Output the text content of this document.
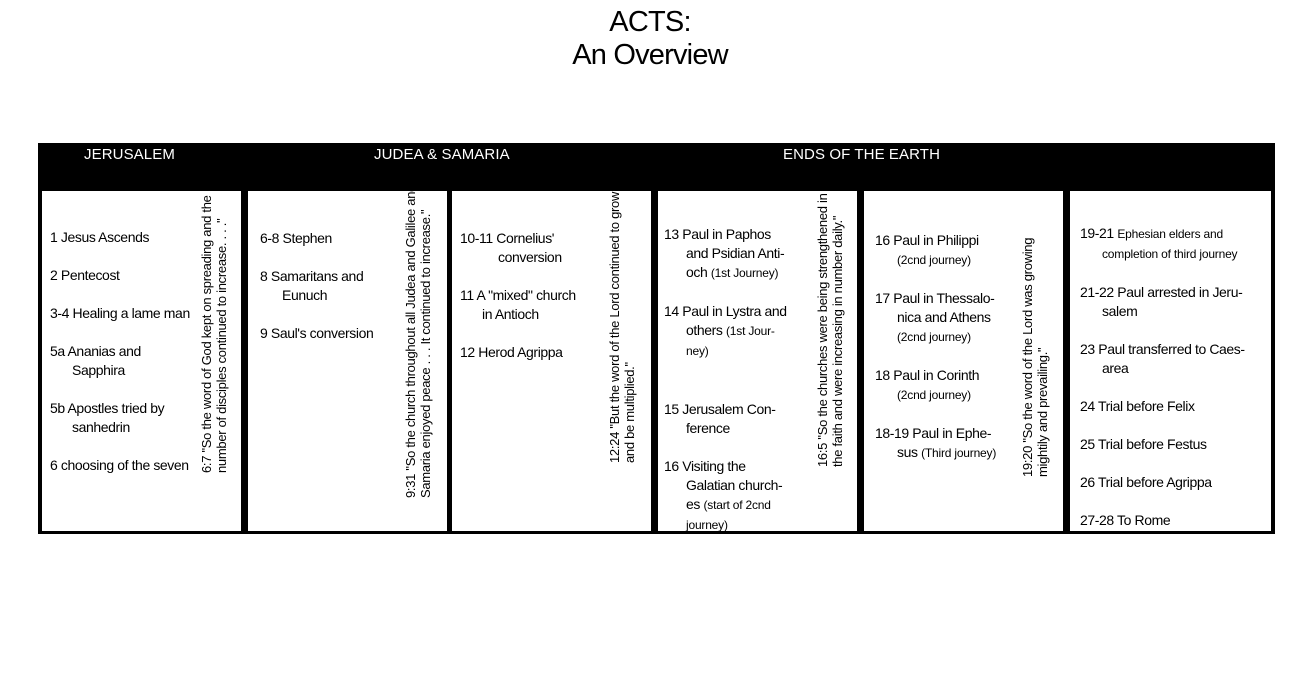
ACTS:
An Overview
JERUSALEM	JUDEA & SAMARIA	ENDS OF THE EARTH
1 Jesus Ascends
2 Pentecost
3-4 Healing a lame man
5a Ananias and Sapphira
5b Apostles tried by sanhedrin
6 choosing of the seven 6:7 "So the word of God kept on spreading and the number of disciples continued to increase. . . ." 6-8 Stephen
8 Samaritans and Eunuch
9 Saul's conversion	9:31 "So the church throughout all Judea and Galilee and Samaria enjoyed peace . . . It continued to increase." 10-11 Cornelius' conversion
11 A "mixed" church in Antioch
12 Herod Agrippa	12:24 "But the word of the Lord continued to grow and be multiplied."
13 Paul in Paphos and Psidian Anti-och (1st Journey)
14 Paul in Lystra and others (1st Jour-ney)
15 Jerusalem Con-ference
16 Visiting the Galatian church-es (start of 2cnd journey)
16:5 "So the churches were being strengthened in the faith and were increasing in number daily." 16 Paul in Philippi (2cnd journey)
17 Paul in Thessalo-nica and Athens (2cnd journey)
18 Paul in Corinth (2cnd journey)
18-19 Paul in Ephe-sus (Third journey)	19:20 "So the word of the Lord was growing mightily and prevailing."
19-21 Ephesian elders and completion of third journey
21-22 Paul arrested in Jeru-salem
23 Paul transferred to Caes-area
24 Trial before Felix
25 Trial before Festus
26 Trial before Agrippa
27-28 To Rome
